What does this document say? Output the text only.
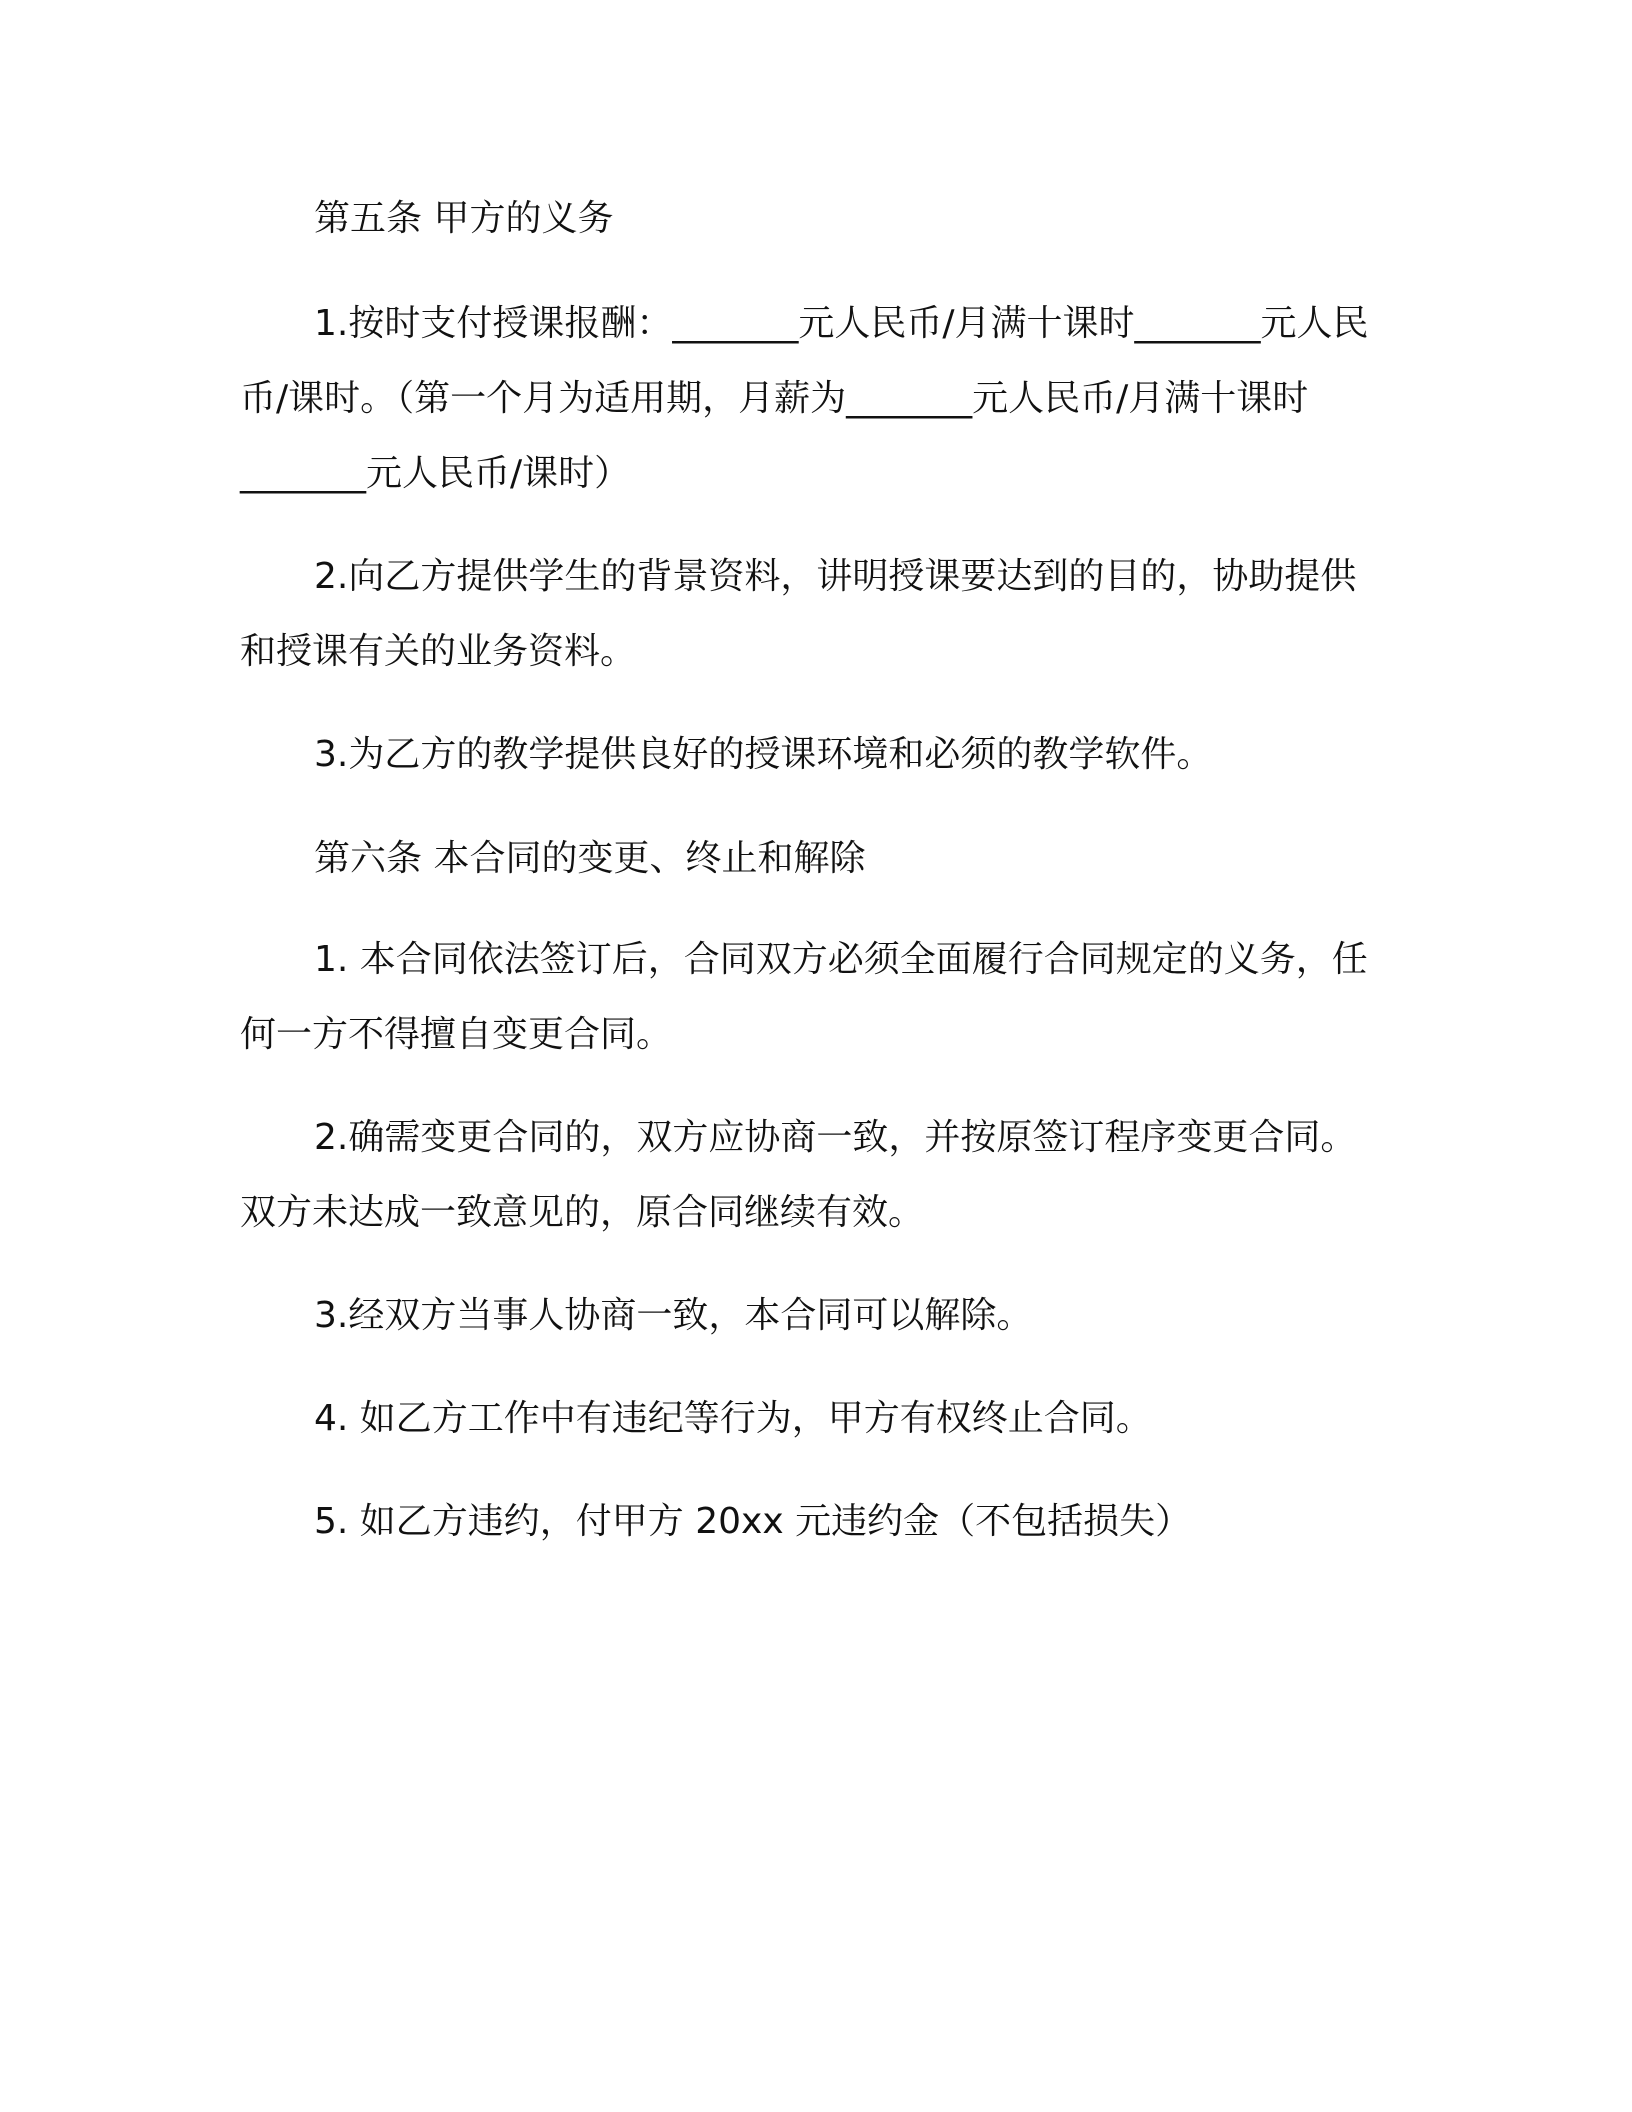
第五条 甲方的义务

1.按时支付授课报酬：_______元人民币/月满十课时_______元人民币/课时。（第一个月为适用期，月薪为_______元人民币/月满十课时_______元人民币/课时）

2.向乙方提供学生的背景资料，讲明授课要达到的目的，协助提供和授课有关的业务资料。

3.为乙方的教学提供良好的授课环境和必须的教学软件。

第六条 本合同的变更、终止和解除

1. 本合同依法签订后，合同双方必须全面履行合同规定的义务，任何一方不得擅自变更合同。

2.确需变更合同的，双方应协商一致，并按原签订程序变更合同。双方未达成一致意见的，原合同继续有效。

3.经双方当事人协商一致，本合同可以解除。

4. 如乙方工作中有违纪等行为，甲方有权终止合同。

5. 如乙方违约，付甲方 20xx 元违约金（不包括损失）
